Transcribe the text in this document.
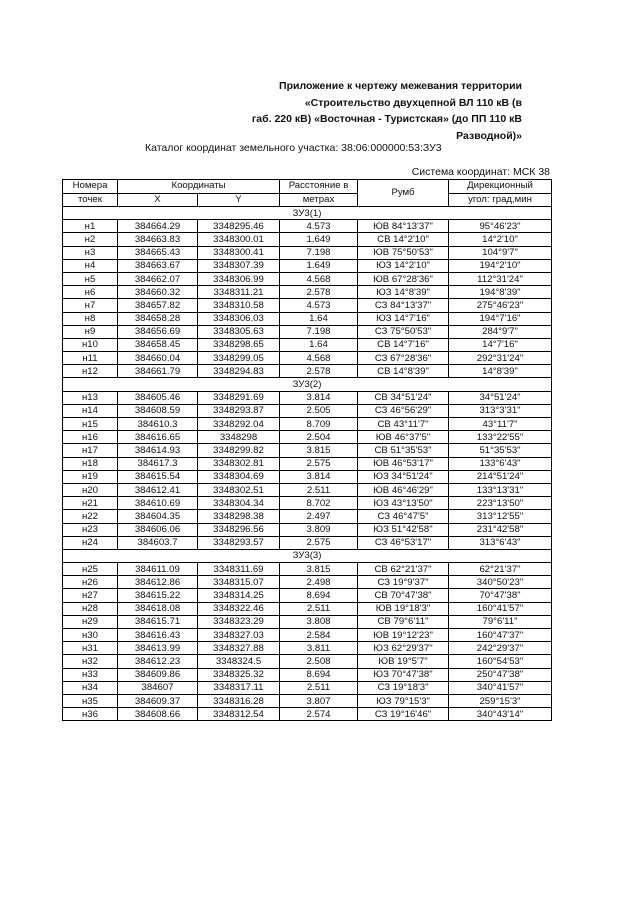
Приложение к чертежу межевания территории
«Строительство двухцепной ВЛ 110 кВ (в
габ. 220 кВ) «Восточная - Туристская» (до ПП 110 кВ
Разводной)»
Каталог координат земельного участка: 38:06:000000:53:ЗУ3
Система координат: МСК 38
Номера	Координаты		Расстояние в	Румб	Дирекционный
точек	X	Y	метрах		угол: град,мин
ЗУ3(1)					
н1	384664.29	3348295.46	4.573	ЮВ 84°13'37"	95°46'23"
н2	384663.83	3348300.01	1.649	СВ 14°2'10"	14°2'10"
н3	384665.43	3348300.41	7.198	ЮВ 75°50'53"	104°9'7"
н4	384663.67	3348307.39	1.649	ЮЗ 14°2'10"	194°2'10"
н5	384662.07	3348306.99	4.568	ЮВ 67°28'36"	112°31'24"
н6	384660.32	3348311.21	2.578	ЮЗ 14°8'39"	194°8'39"
н7	384657.82	3348310.58	4.573	СЗ 84°13'37"	275°46'23"
н8	384658.28	3348306.03	1.64	ЮЗ 14°7'16"	194°7'16"
н9	384656.69	3348305.63	7.198	СЗ 75°50'53"	284°9'7"
н10	384658.45	3348298.65	1.64	СВ 14°7'16"	14°7'16"
н11	384660.04	3348299.05	4.568	СЗ 67°28'36"	292°31'24"
н12	384661.79	3348294.83	2.578	СВ 14°8'39"	14°8'39"
ЗУ3(2)					
н13	384605.46	3348291.69	3.814	СВ 34°51'24"	34°51'24"
н14	384608.59	3348293.87	2.505	СЗ 46°56'29"	313°3'31"
н15	384610.3	3348292.04	8.709	СВ 43°11'7"	43°11'7"
н16	384616.65	3348298	2.504	ЮВ 46°37'5"	133°22'55"
н17	384614.93	3348299.82	3.815	СВ 51°35'53"	51°35'53"
н18	384617.3	3348302.81	2.575	ЮВ 46°53'17"	133°6'43"
н19	384615.54	3348304.69	3.814	ЮЗ 34°51'24"	214°51'24"
н20	384612.41	3348302.51	2.511	ЮВ 46°46'29"	133°13'31"
н21	384610.69	3348304.34	8.702	ЮЗ 43°13'50"	223°13'50"
н22	384604.35	3348298.38	2.497	СЗ 46°47'5"	313°12'55"
н23	384606.06	3348296.56	3.809	ЮЗ 51°42'58"	231°42'58"
н24	384603.7	3348293.57	2.575	СЗ 46°53'17"	313°6'43"
ЗУ3(3)					
н25	384611.09	3348311.69	3.815	СВ 62°21'37"	62°21'37"
н26	384612.86	3348315.07	2.498	СЗ 19°9'37"	340°50'23"
н27	384615.22	3348314.25	8.694	СВ 70°47'38"	70°47'38"
н28	384618.08	3348322.46	2.511	ЮВ 19°18'3"	160°41'57"
н29	384615.71	3348323.29	3.808	СВ 79°6'11"	79°6'11"
н30	384616.43	3348327.03	2.584	ЮВ 19°12'23"	160°47'37"
н31	384613.99	3348327.88	3.811	ЮЗ 62°29'37"	242°29'37"
н32	384612.23	3348324.5	2.508	ЮВ 19°5'7"	160°54'53"
н33	384609.86	3348325.32	8.694	ЮЗ 70°47'38"	250°47'38"
н34	384607	3348317.11	2.511	СЗ 19°18'3"	340°41'57"
н35	384609.37	3348316.28	3.807	ЮЗ 79°15'3"	259°15'3"
н36	384608.66	3348312.54	2.574	СЗ 19°16'46"	340°43'14"
